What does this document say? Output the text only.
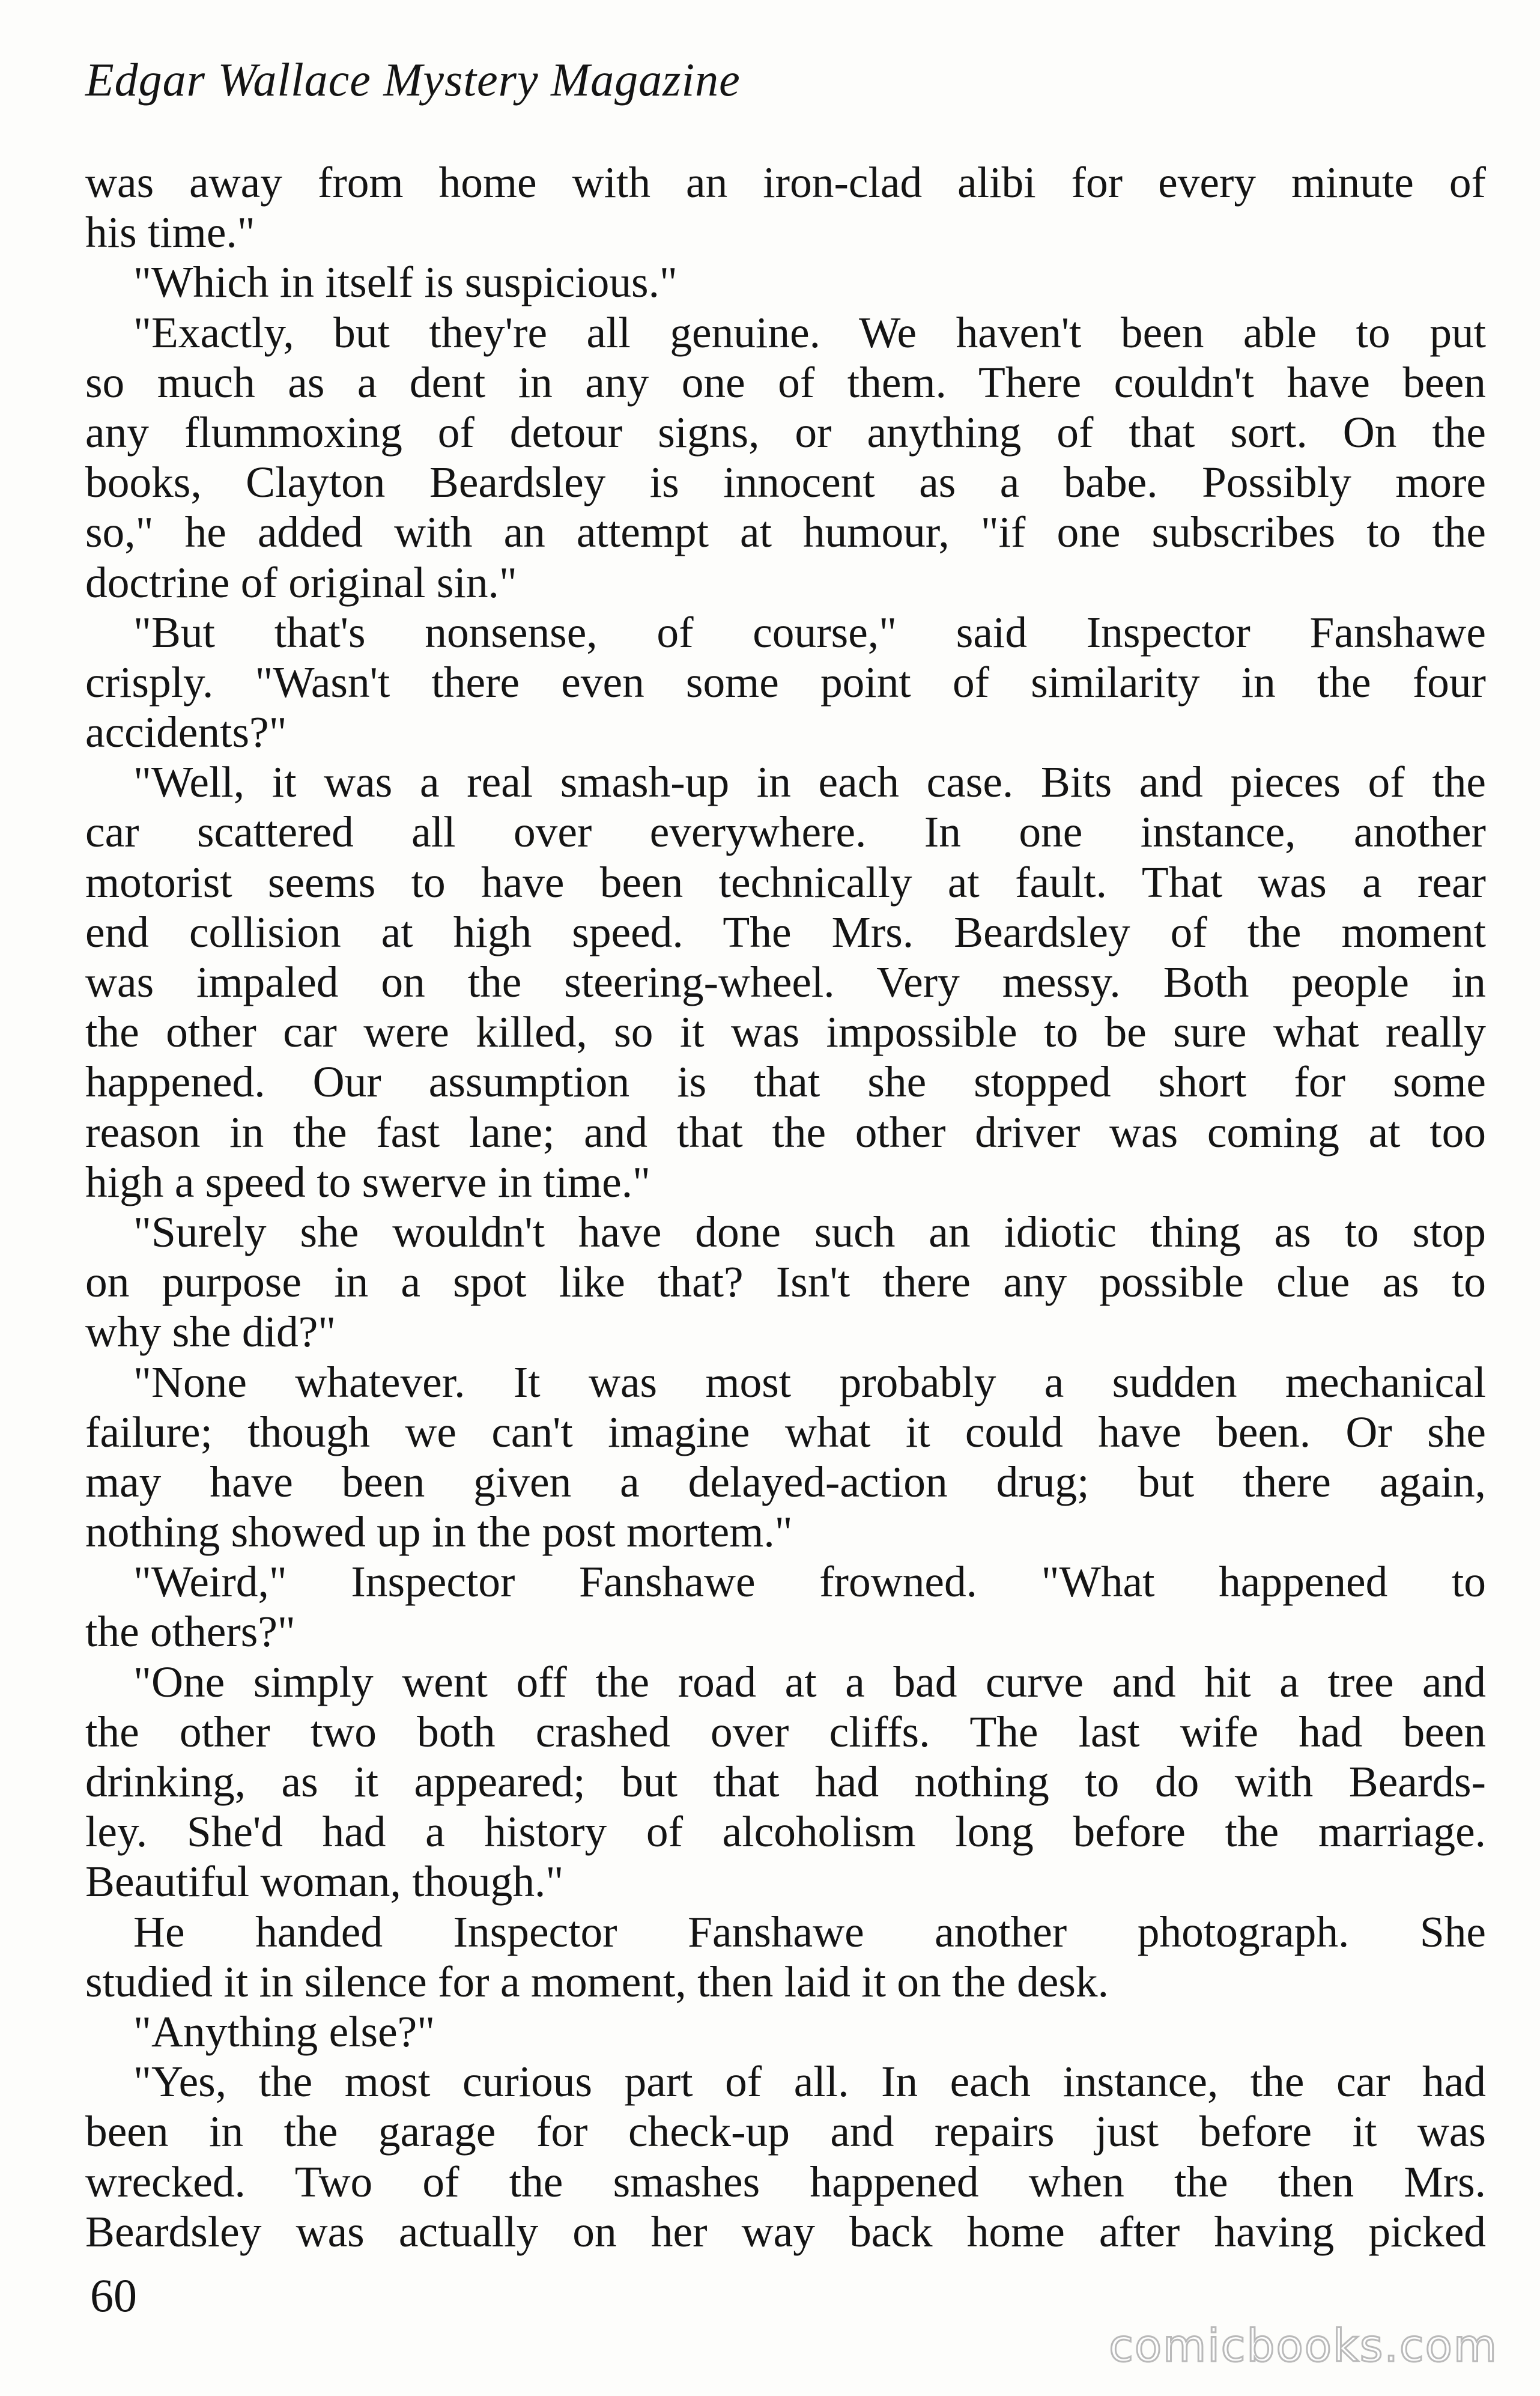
Edgar Wallace Mystery Magazine
was away from home with an iron-clad alibi for every minute of
his time."
"Which in itself is suspicious."
"Exactly, but they're all genuine. We haven't been able to put
so much as a dent in any one of them. There couldn't have been
any flummoxing of detour signs, or anything of that sort. On the
books, Clayton Beardsley is innocent as a babe. Possibly more
so," he added with an attempt at humour, "if one subscribes to the
doctrine of original sin."
"But that's nonsense, of course," said Inspector Fanshawe
crisply. "Wasn't there even some point of similarity in the four
accidents?"
"Well, it was a real smash-up in each case. Bits and pieces of the
car scattered all over everywhere. In one instance, another
motorist seems to have been technically at fault. That was a rear
end collision at high speed. The Mrs. Beardsley of the moment
was impaled on the steering-wheel. Very messy. Both people in
the other car were killed, so it was impossible to be sure what really
happened. Our assumption is that she stopped short for some
reason in the fast lane; and that the other driver was coming at too
high a speed to swerve in time."
"Surely she wouldn't have done such an idiotic thing as to stop
on purpose in a spot like that? Isn't there any possible clue as to
why she did?"
"None whatever. It was most probably a sudden mechanical
failure; though we can't imagine what it could have been. Or she
may have been given a delayed-action drug; but there again,
nothing showed up in the post mortem."
"Weird," Inspector Fanshawe frowned. "What happened to
the others?"
"One simply went off the road at a bad curve and hit a tree and
the other two both crashed over cliffs. The last wife had been
drinking, as it appeared; but that had nothing to do with Beards-
ley. She'd had a history of alcoholism long before the marriage.
Beautiful woman, though."
He handed Inspector Fanshawe another photograph. She
studied it in silence for a moment, then laid it on the desk.
"Anything else?"
"Yes, the most curious part of all. In each instance, the car had
been in the garage for check-up and repairs just before it was
wrecked. Two of the smashes happened when the then Mrs.
Beardsley was actually on her way back home after having picked
60
comicbooks.com
